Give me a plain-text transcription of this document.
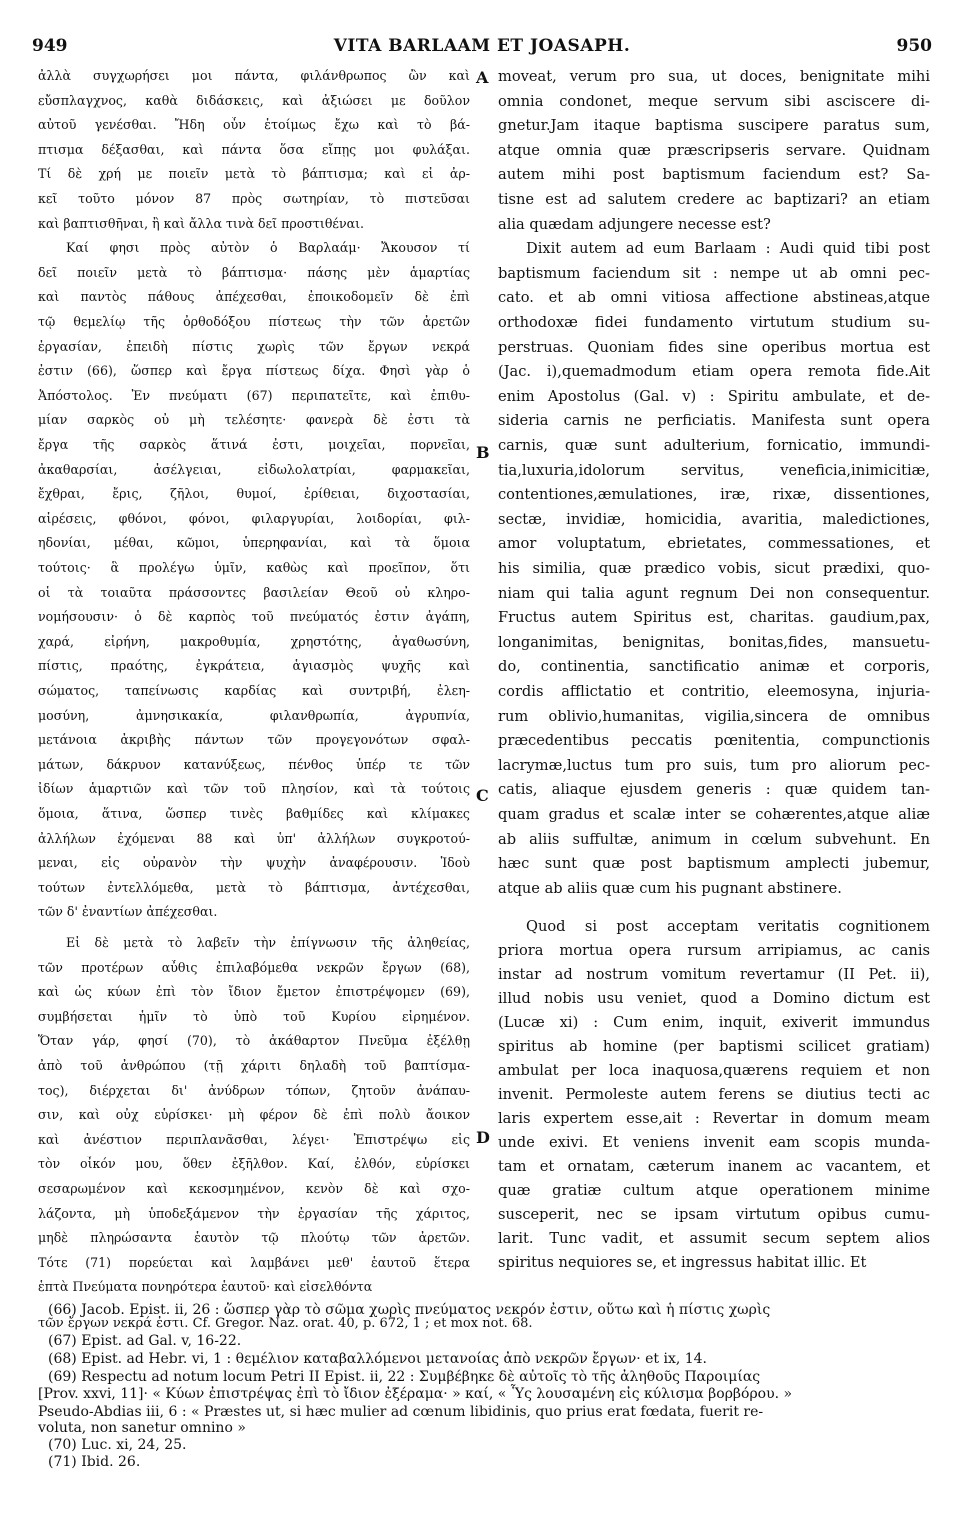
949	VITA BARLAAM ET JOASAPH.	950
ἀλλὰ συγχωρήσει μοι πάντα, φιλάνθρωπος ὢν καὶ
εὔσπλαγχνος, καθὰ διδάσκεις, καὶ ἀξιώσει με δοῦλον
αὐτοῦ γενέσθαι. Ἤδη οὖν ἑτοίμως ἔχω καὶ τὸ βά-
πτισμα δέξασθαι, καὶ πάντα ὅσα εἴπῃς μοι φυλάξαι.
Τί δὲ χρή με ποιεῖν μετὰ τὸ βάπτισμα; καὶ εἰ ἀρ-
κεῖ τοῦτο μόνον 87 πρὸς σωτηρίαν, τὸ πιστεῦσαι
καὶ βαπτισθῆναι, ἢ καὶ ἄλλα τινὰ δεῖ προστιθέναι.
Καί φησι πρὸς αὐτὸν ὁ Βαρλαάμ· Ἄκουσον τί
δεῖ ποιεῖν μετὰ τὸ βάπτισμα· πάσης μὲν ἁμαρτίας
καὶ παντὸς πάθους ἀπέχεσθαι, ἐποικοδομεῖν δὲ ἐπὶ
τῷ θεμελίῳ τῆς ὀρθοδόξου πίστεως τὴν τῶν ἀρετῶν
ἐργασίαν, ἐπειδὴ πίστις χωρὶς τῶν ἔργων νεκρά
ἐστιν (66), ὥσπερ καὶ ἔργα πίστεως δίχα. Φησὶ γὰρ ὁ
Ἀπόστολος. Ἐν πνεύματι (67) περιπατεῖτε, καὶ ἐπιθυ-
μίαν σαρκὸς οὐ μὴ τελέσητε· φανερὰ δὲ ἐστι τὰ
ἔργα τῆς σαρκὸς ἅτινά ἐστι, μοιχεῖαι, πορνεῖαι,
ἀκαθαρσίαι, ἀσέλγειαι, εἰδωλολατρίαι, φαρμακεῖαι,
ἔχθραι, ἔρις, ζῆλοι, θυμοί, ἐρίθειαι, διχοστασίαι,
αἱρέσεις, φθόνοι, φόνοι, φιλαργυρίαι, λοιδορίαι, φιλ-
ηδονίαι, μέθαι, κῶμοι, ὑπερηφανίαι, καὶ τὰ ὅμοια
τούτοις· ἃ προλέγω ὑμῖν, καθὼς καὶ προεῖπον, ὅτι
οἱ τὰ τοιαῦτα πράσσοντες βασιλείαν Θεοῦ οὐ κληρο-
νομήσουσιν· ὁ δὲ καρπὸς τοῦ πνεύματός ἐστιν ἀγάπη,
χαρά, εἰρήνη, μακροθυμία, χρηστότης, ἀγαθωσύνη,
πίστις, πραότης, ἐγκράτεια, ἁγιασμὸς ψυχῆς καὶ
σώματος, ταπείνωσις καρδίας καὶ συντριβή, ἐλεη-
μοσύνη, ἀμνησικακία, φιλανθρωπία, ἀγρυπνία,
μετάνοια ἀκριβὴς πάντων τῶν προγεγονότων σφαλ-
μάτων, δάκρυον κατανύξεως, πένθος ὑπέρ τε τῶν
ἰδίων ἁμαρτιῶν καὶ τῶν τοῦ πλησίον, καὶ τὰ τούτοις
ὅμοια, ἅτινα, ὥσπερ τινὲς βαθμίδες καὶ κλίμακες
ἀλλήλων ἐχόμεναι 88 καὶ ὑπ' ἀλλήλων συγκροτού-
μεναι, εἰς οὐρανὸν τὴν ψυχὴν ἀναφέρουσιν. Ἰδοὺ
τούτων ἐντελλόμεθα, μετὰ τὸ βάπτισμα, ἀντέχεσθαι,
τῶν δ' ἐναντίων ἀπέχεσθαι.
Εἰ δὲ μετὰ τὸ λαβεῖν τὴν ἐπίγνωσιν τῆς ἀληθείας,
τῶν προτέρων αὖθις ἐπιλαβόμεθα νεκρῶν ἔργων (68),
καὶ ὡς κύων ἐπὶ τὸν ἴδιον ἔμετον ἐπιστρέψομεν (69),
συμβήσεται ἡμῖν τὸ ὑπὸ τοῦ Κυρίου εἰρημένον.
Ὅταν γάρ, φησί (70), τὸ ἀκάθαρτον Πνεῦμα ἐξέλθῃ
ἀπὸ τοῦ ἀνθρώπου (τῇ χάριτι δηλαδὴ τοῦ βαπτίσμα-
τος), διέρχεται δι' ἀνύδρων τόπων, ζητοῦν ἀνάπαυ-
σιν, καὶ οὐχ εὑρίσκει· μὴ φέρον δὲ ἐπὶ πολὺ ἄοικον
καὶ ἀνέστιον περιπλανᾶσθαι, λέγει· Ἐπιστρέψω εἰς
τὸν οἶκόν μου, ὅθεν ἐξῆλθον. Καί, ἐλθόν, εὑρίσκει
σεσαρωμένον καὶ κεκοσμημένον, κενὸν δὲ καὶ σχο-
λάζοντα, μὴ ὑποδεξάμενον τὴν ἐργασίαν τῆς χάριτος,
μηδὲ πληρώσαντα ἑαυτὸν τῷ πλούτῳ τῶν ἀρετῶν.
Τότε (71) πορεύεται καὶ λαμβάνει μεθ' ἑαυτοῦ ἕτερα
ἑπτὰ Πνεύματα πονηρότερα ἑαυτοῦ· καὶ εἰσελθόντα
moveat, verum pro sua, ut doces, benignitate mihi
omnia condonet, meque servum sibi asciscere di-
gnetur.Jam itaque baptisma suscipere paratus sum,
atque omnia quæ præscripseris servare. Quidnam
autem mihi post baptismum faciendum est? Sa-
tisne est ad salutem credere ac baptizari? an etiam
alia quædam adjungere necesse est?
Dixit autem ad eum Barlaam : Audi quid tibi post
baptismum faciendum sit : nempe ut ab omni pec-
cato. et ab omni vitiosa affectione abstineas,atque
orthodoxæ fidei fundamento virtutum studium su-
perstruas. Quoniam fides sine operibus mortua est
(Jac. i),quemadmodum etiam opera remota fide.Ait
enim Apostolus (Gal. v) : Spiritu ambulate, et de-
sideria carnis ne perficiatis. Manifesta sunt opera
carnis, quæ sunt adulterium, fornicatio, immundi-
tia,luxuria,idolorum servitus, veneficia,inimicitiæ,
contentiones,æmulationes, iræ, rixæ, dissentiones,
sectæ, invidiæ, homicidia, avaritia, maledictiones,
amor voluptatum, ebrietates, commessationes, et
his similia, quæ prædico vobis, sicut prædixi, quo-
niam qui talia agunt regnum Dei non consequentur.
Fructus autem Spiritus est, charitas. gaudium,pax,
longanimitas, benignitas, bonitas,fides, mansuetu-
do, continentia, sanctificatio animæ et corporis,
cordis afflictatio et contritio, eleemosyna, injuria-
rum oblivio,humanitas, vigilia,sincera de omnibus
præcedentibus peccatis pœnitentia, compunctionis
lacrymæ,luctus tum pro suis, tum pro aliorum pec-
catis, aliaque ejusdem generis : quæ quidem tan-
quam gradus et scalæ inter se cohærentes,atque aliæ
ab aliis suffultæ, animum in cœlum subvehunt. En
hæc sunt quæ post baptismum amplecti jubemur,
atque ab aliis quæ cum his pugnant abstinere.
Quod si post acceptam veritatis cognitionem
priora mortua opera rursum arripiamus, ac canis
instar ad nostrum vomitum revertamur (II Pet. ii),
illud nobis usu veniet, quod a Domino dictum est
(Lucæ xi) : Cum enim, inquit, exiverit immundus
spiritus ab homine (per baptismi scilicet gratiam)
ambulat per loca inaquosa,quærens requiem et non
invenit. Permoleste autem ferens se diutius tecti ac
laris expertem esse,ait : Revertar in domum meam
unde exivi. Et veniens invenit eam scopis munda-
tam et ornatam, cæterum inanem ac vacantem, et
quæ gratiæ cultum atque operationem minime
susceperit, nec se ipsam virtutum opibus cumu-
larit. Tunc vadit, et assumit secum septem alios
spiritus nequiores se, et ingressus habitat illic. Et
A
B
C
D
(66) Jacob. Epist. ii, 26 : ὥσπερ γὰρ τὸ σῶμα χωρὶς πνεύματος νεκρόν ἐστιν, οὕτω καὶ ἡ πίστις χωρὶς
τῶν ἔργων νεκρά ἐστι. Cf. Gregor. Naz. orat. 40, p. 672, 1 ; et mox not. 68.
(67) Epist. ad Gal. v, 16-22.
(68) Epist. ad Hebr. vi, 1 : θεμέλιον καταβαλλόμενοι μετανοίας ἀπὸ νεκρῶν ἔργων· et ix, 14.
(69) Respectu ad notum locum Petri II Epist. ii, 22 : Συμβέβηκε δὲ αὐτοῖς τὸ τῆς ἀληθοῦς Παροιμίας
[Prov. xxvi, 11]· « Κύων ἐπιστρέψας ἐπὶ τὸ ἴδιον ἐξέραμα· » καί, « Ὗς λουσαμένη εἰς κύλισμα βορβόρου. »
Pseudo-Abdias iii, 6 : « Præstes ut, si hæc mulier ad cœnum libidinis, quo prius erat fœdata, fuerit re-
voluta, non sanetur omnino »
(70) Luc. xi, 24, 25.
(71) Ibid. 26.
